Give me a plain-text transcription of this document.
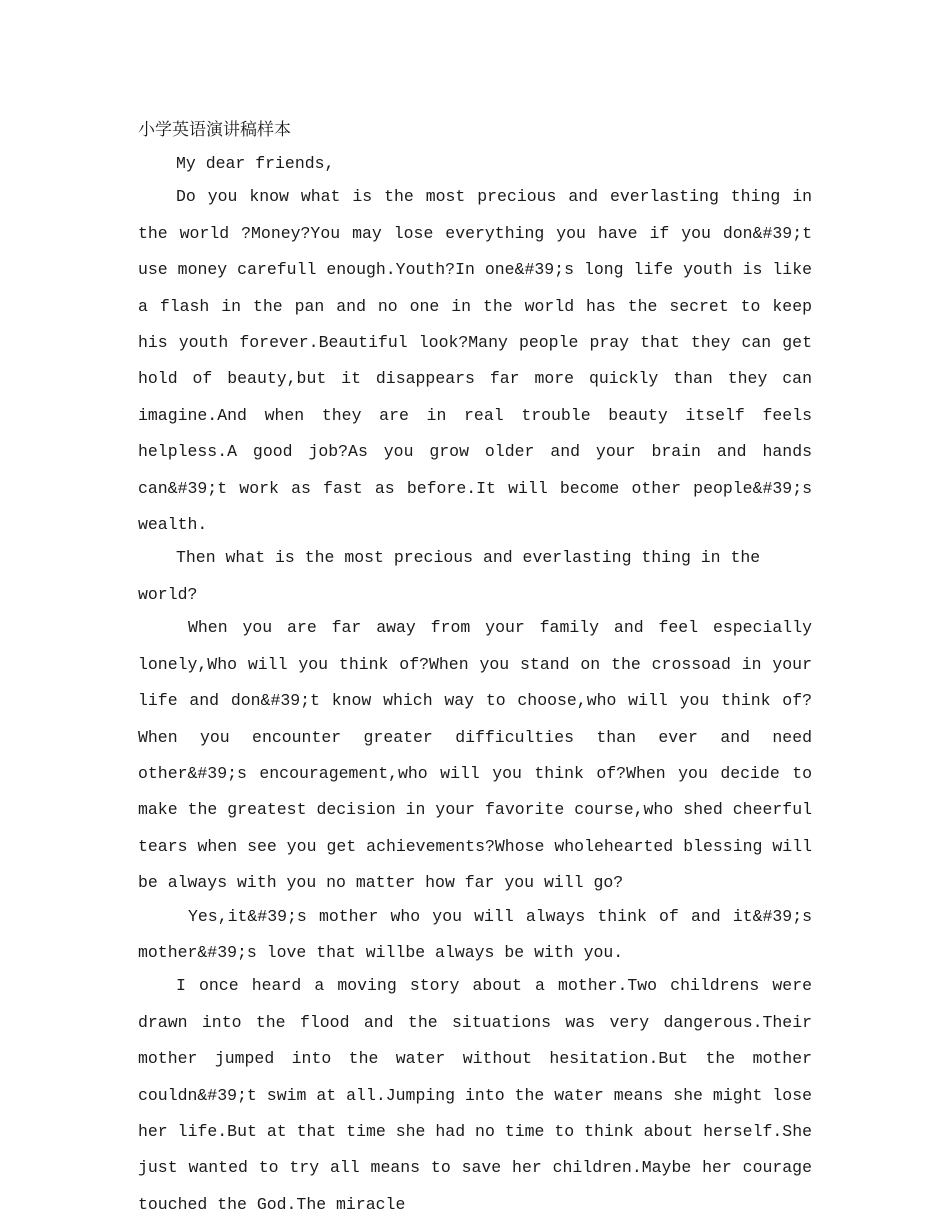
小学英语演讲稿样本

My dear friends,

Do you know what is the most precious and everlasting thing in the world ?Money?You may lose everything you have if you don&#39;t use money carefull enough.Youth?In one&#39;s long life youth is like a flash in the pan and no one in the world has the secret to keep his youth forever.Beautiful look?Many people pray that they can get hold of beauty,but it disappears far more quickly than they can imagine.And when they are in real trouble beauty itself feels helpless.A good job?As you grow older and your brain and hands can&#39;t work as fast as before.It will become other people&#39;s wealth.

Then what is the most precious and everlasting thing in the world?

When you are far away from your family and feel especially lonely,Who will you think of?When you stand on the crossoad in your life and don&#39;t know which way to choose,who will you think of?When you encounter greater difficulties than ever and need other&#39;s encouragement,who will you think of?When you decide to make the greatest decision in your favorite course,who shed cheerful tears when see you get achievements?Whose wholehearted blessing will be always with you no matter how far you will go?

Yes,it&#39;s mother who you will always think of and it&#39;s mother&#39;s love that willbe always be with you.

I once heard a moving story about a mother.Two childrens were drawn into the flood and the situations was very dangerous.Their mother jumped into the water without hesitation.But the mother couldn&#39;t swim at all.Jumping into the water means she might lose her life.But at that time she had no time to think about herself.She just wanted to try all means to save her children.Maybe her courage touched the God.The miracle
